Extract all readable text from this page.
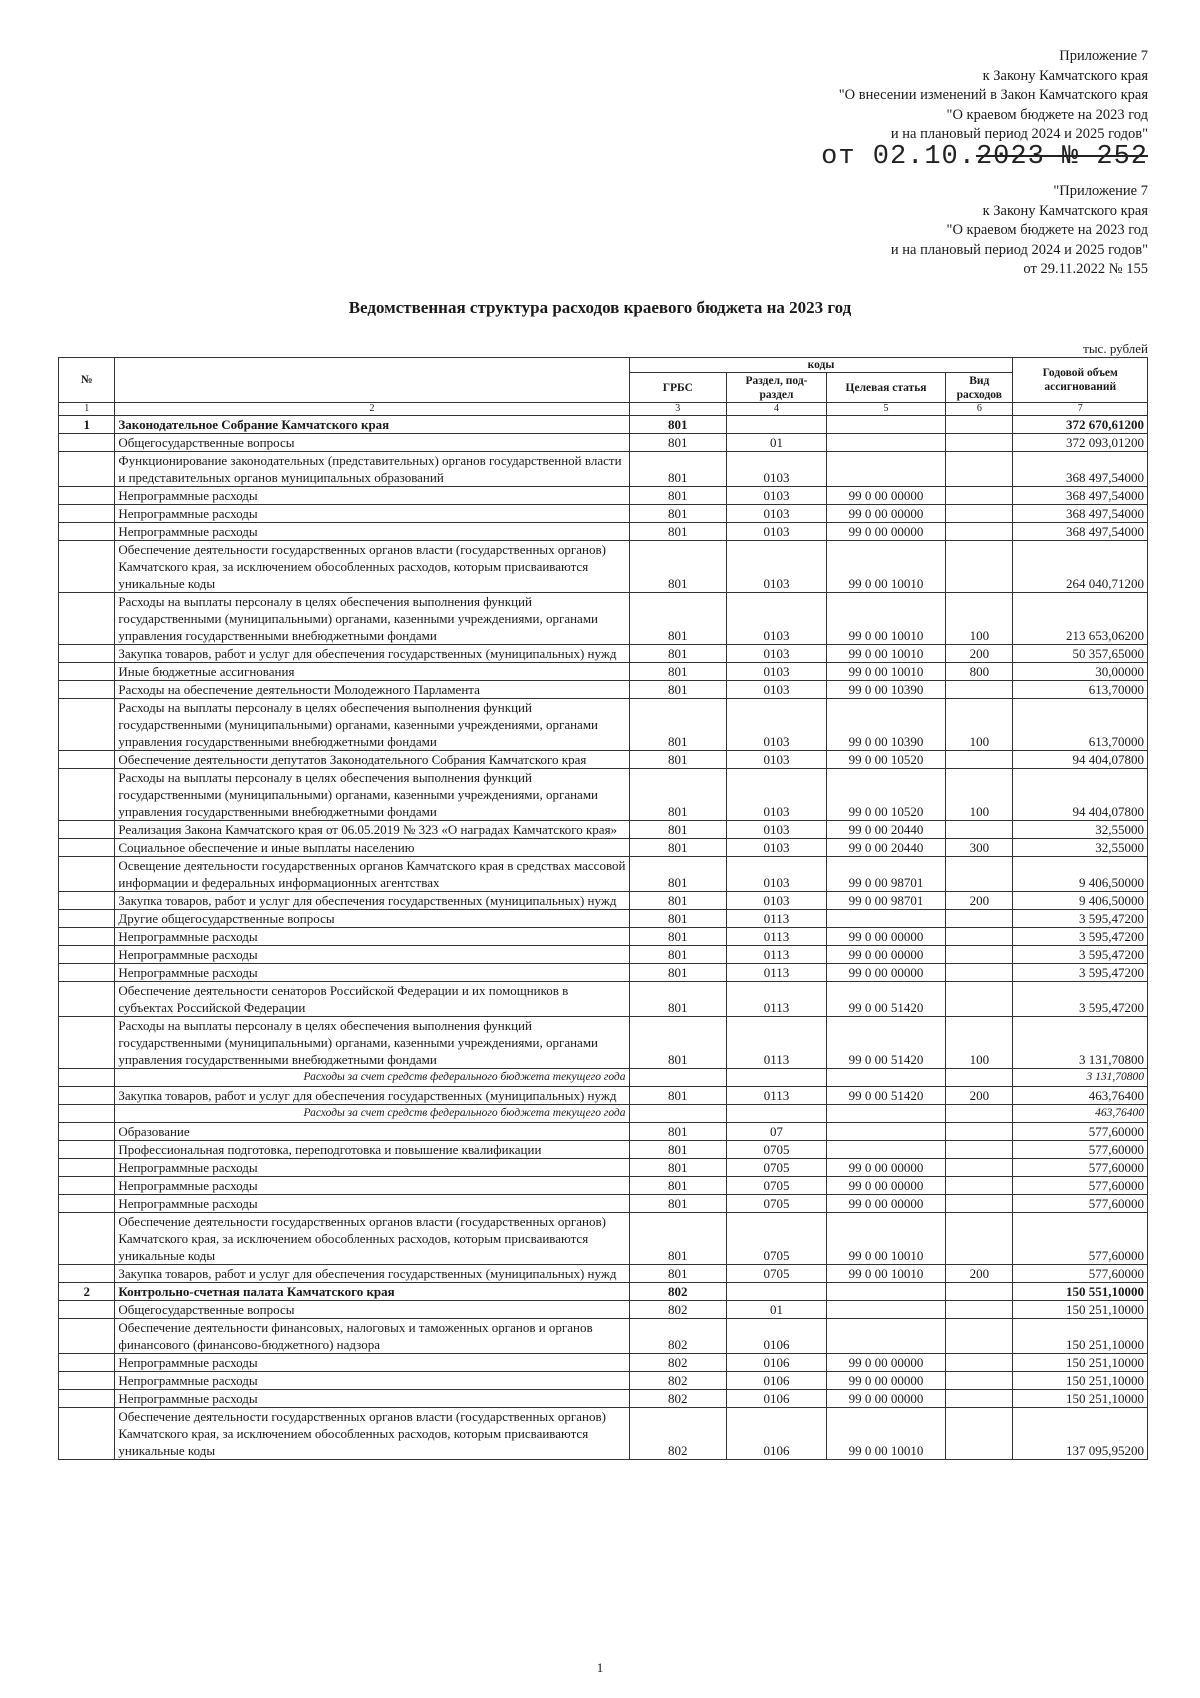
Приложение 7
к Закону Камчатского края
"О внесении изменений в Закон Камчатского края
"О краевом бюджете на 2023 год
и на плановый период 2024 и 2025 годов"
от 02.10.2023 № 252
"Приложение 7
к Закону Камчатского края
"О краевом бюджете на 2023 год
и на плановый период 2024 и 2025 годов"
от 29.11.2022 № 155
Ведомственная структура расходов краевого бюджета на 2023 год
тыс. рублей
№		коды				Годовой объем ассигнований
		ГРБС	Раздел, под-раздел	Целевая статья	Вид расходов	
1	2	3	4	5	6	7
1	Законодательное Собрание Камчатского края	801				372 670,61200
	Общегосударственные вопросы	801	01			372 093,01200
	Функционирование законодательных (представительных) органов государственной власти и представительных органов муниципальных образований	801	0103			368 497,54000
	Непрограммные расходы	801	0103	99 0 00 00000		368 497,54000
	Непрограммные расходы	801	0103	99 0 00 00000		368 497,54000
	Непрограммные расходы	801	0103	99 0 00 00000		368 497,54000
	Обеспечение деятельности государственных органов власти (государственных органов) Камчатского края, за исключением обособленных расходов, которым присваиваются уникальные коды	801	0103	99 0 00 10010		264 040,71200
	Расходы на выплаты персоналу в целях обеспечения выполнения функций государственными (муниципальными) органами, казенными учреждениями, органами управления государственными внебюджетными фондами	801	0103	99 0 00 10010	100	213 653,06200
	Закупка товаров, работ и услуг для обеспечения государственных (муниципальных) нужд	801	0103	99 0 00 10010	200	50 357,65000
	Иные бюджетные ассигнования	801	0103	99 0 00 10010	800	30,00000
	Расходы на обеспечение деятельности Молодежного Парламента	801	0103	99 0 00 10390		613,70000
	Расходы на выплаты персоналу в целях обеспечения выполнения функций государственными (муниципальными) органами, казенными учреждениями, органами управления государственными внебюджетными фондами	801	0103	99 0 00 10390	100	613,70000
	Обеспечение деятельности депутатов Законодательного Собрания Камчатского края	801	0103	99 0 00 10520		94 404,07800
	Расходы на выплаты персоналу в целях обеспечения выполнения функций государственными (муниципальными) органами, казенными учреждениями, органами управления государственными внебюджетными фондами	801	0103	99 0 00 10520	100	94 404,07800
	Реализация Закона Камчатского края от 06.05.2019 № 323 «О наградах Камчатского края»	801	0103	99 0 00 20440		32,55000
	Социальное обеспечение и иные выплаты населению	801	0103	99 0 00 20440	300	32,55000
	Освещение деятельности государственных органов Камчатского края в средствах массовой информации и федеральных информационных агентствах	801	0103	99 0 00 98701		9 406,50000
	Закупка товаров, работ и услуг для обеспечения государственных (муниципальных) нужд	801	0103	99 0 00 98701	200	9 406,50000
	Другие общегосударственные вопросы	801	0113			3 595,47200
	Непрограммные расходы	801	0113	99 0 00 00000		3 595,47200
	Непрограммные расходы	801	0113	99 0 00 00000		3 595,47200
	Непрограммные расходы	801	0113	99 0 00 00000		3 595,47200
	Обеспечение деятельности сенаторов Российской Федерации и их помощников в субъектах Российской Федерации	801	0113	99 0 00 51420		3 595,47200
	Расходы на выплаты персоналу в целях обеспечения выполнения функций государственными (муниципальными) органами, казенными учреждениями, органами управления государственными внебюджетными фондами	801	0113	99 0 00 51420	100	3 131,70800
	Расходы за счет средств федерального бюджета текущего года					3 131,70800
	Закупка товаров, работ и услуг для обеспечения государственных (муниципальных) нужд	801	0113	99 0 00 51420	200	463,76400
	Расходы за счет средств федерального бюджета текущего года					463,76400
	Образование	801	07			577,60000
	Профессиональная подготовка, переподготовка и повышение квалификации	801	0705			577,60000
	Непрограммные расходы	801	0705	99 0 00 00000		577,60000
	Непрограммные расходы	801	0705	99 0 00 00000		577,60000
	Непрограммные расходы	801	0705	99 0 00 00000		577,60000
	Обеспечение деятельности государственных органов власти (государственных органов) Камчатского края, за исключением обособленных расходов, которым присваиваются уникальные коды	801	0705	99 0 00 10010		577,60000
	Закупка товаров, работ и услуг для обеспечения государственных (муниципальных) нужд	801	0705	99 0 00 10010	200	577,60000
2	Контрольно-счетная палата Камчатского края	802				150 551,10000
	Общегосударственные вопросы	802	01			150 251,10000
	Обеспечение деятельности финансовых, налоговых и таможенных органов и органов финансового (финансово-бюджетного) надзора	802	0106			150 251,10000
	Непрограммные расходы	802	0106	99 0 00 00000		150 251,10000
	Непрограммные расходы	802	0106	99 0 00 00000		150 251,10000
	Непрограммные расходы	802	0106	99 0 00 00000		150 251,10000
	Обеспечение деятельности государственных органов власти (государственных органов) Камчатского края, за исключением обособленных расходов, которым присваиваются уникальные коды	802	0106	99 0 00 10010		137 095,95200
1
